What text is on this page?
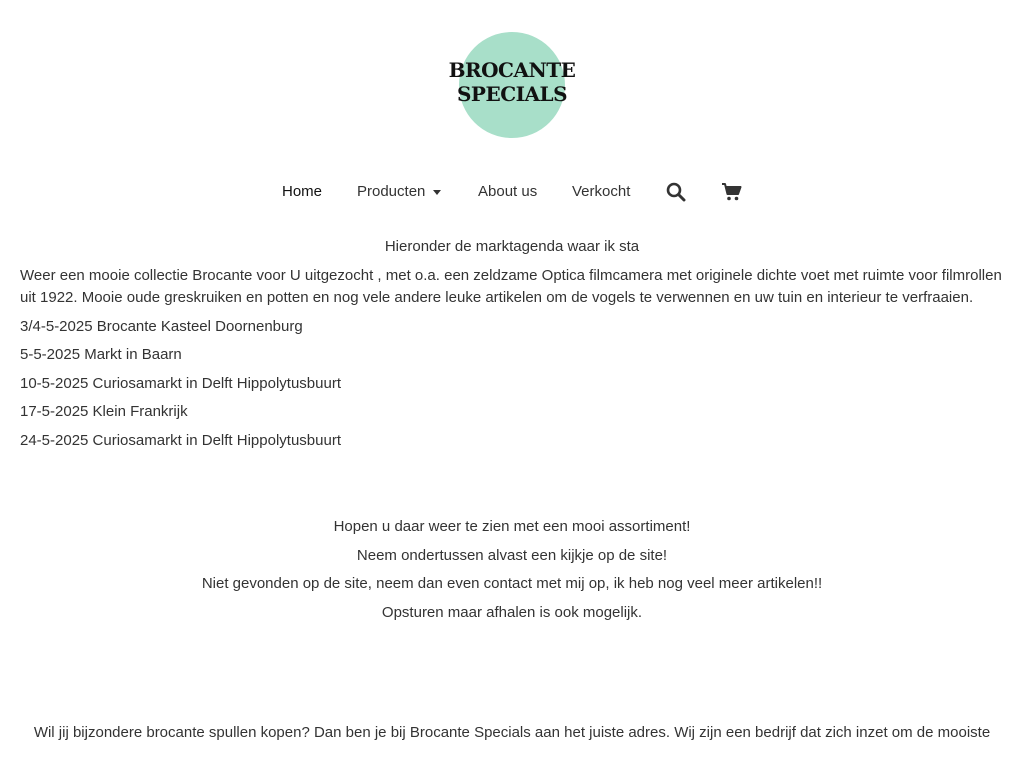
BROCANTE
SPECIALS
Home Producten	About us Verkocht
Hieronder de marktagenda waar ik sta
Weer een mooie collectie Brocante voor U uitgezocht , met o.a. een zeldzame Optica filmcamera met originele dichte voet met ruimte voor filmrollen uit 1922. Mooie oude greskruiken en potten en nog vele andere leuke artikelen om de vogels te verwennen en uw tuin en interieur te verfraaien.
3/4-5-2025 Brocante Kasteel Doornenburg
5-5-2025 Markt in Baarn
10-5-2025 Curiosamarkt in Delft Hippolytusbuurt
17-5-2025 Klein Frankrijk
24-5-2025 Curiosamarkt in Delft Hippolytusbuurt
Hopen u daar weer te zien met een mooi assortiment!
Neem ondertussen alvast een kijkje op de site!
Niet gevonden op de site, neem dan even contact met mij op, ik heb nog veel meer artikelen!!
Opsturen maar afhalen is ook mogelijk.
Wil jij bijzondere brocante spullen kopen? Dan ben je bij Brocante Specials aan het juiste adres. Wij zijn een bedrijf dat zich inzet om de mooiste
